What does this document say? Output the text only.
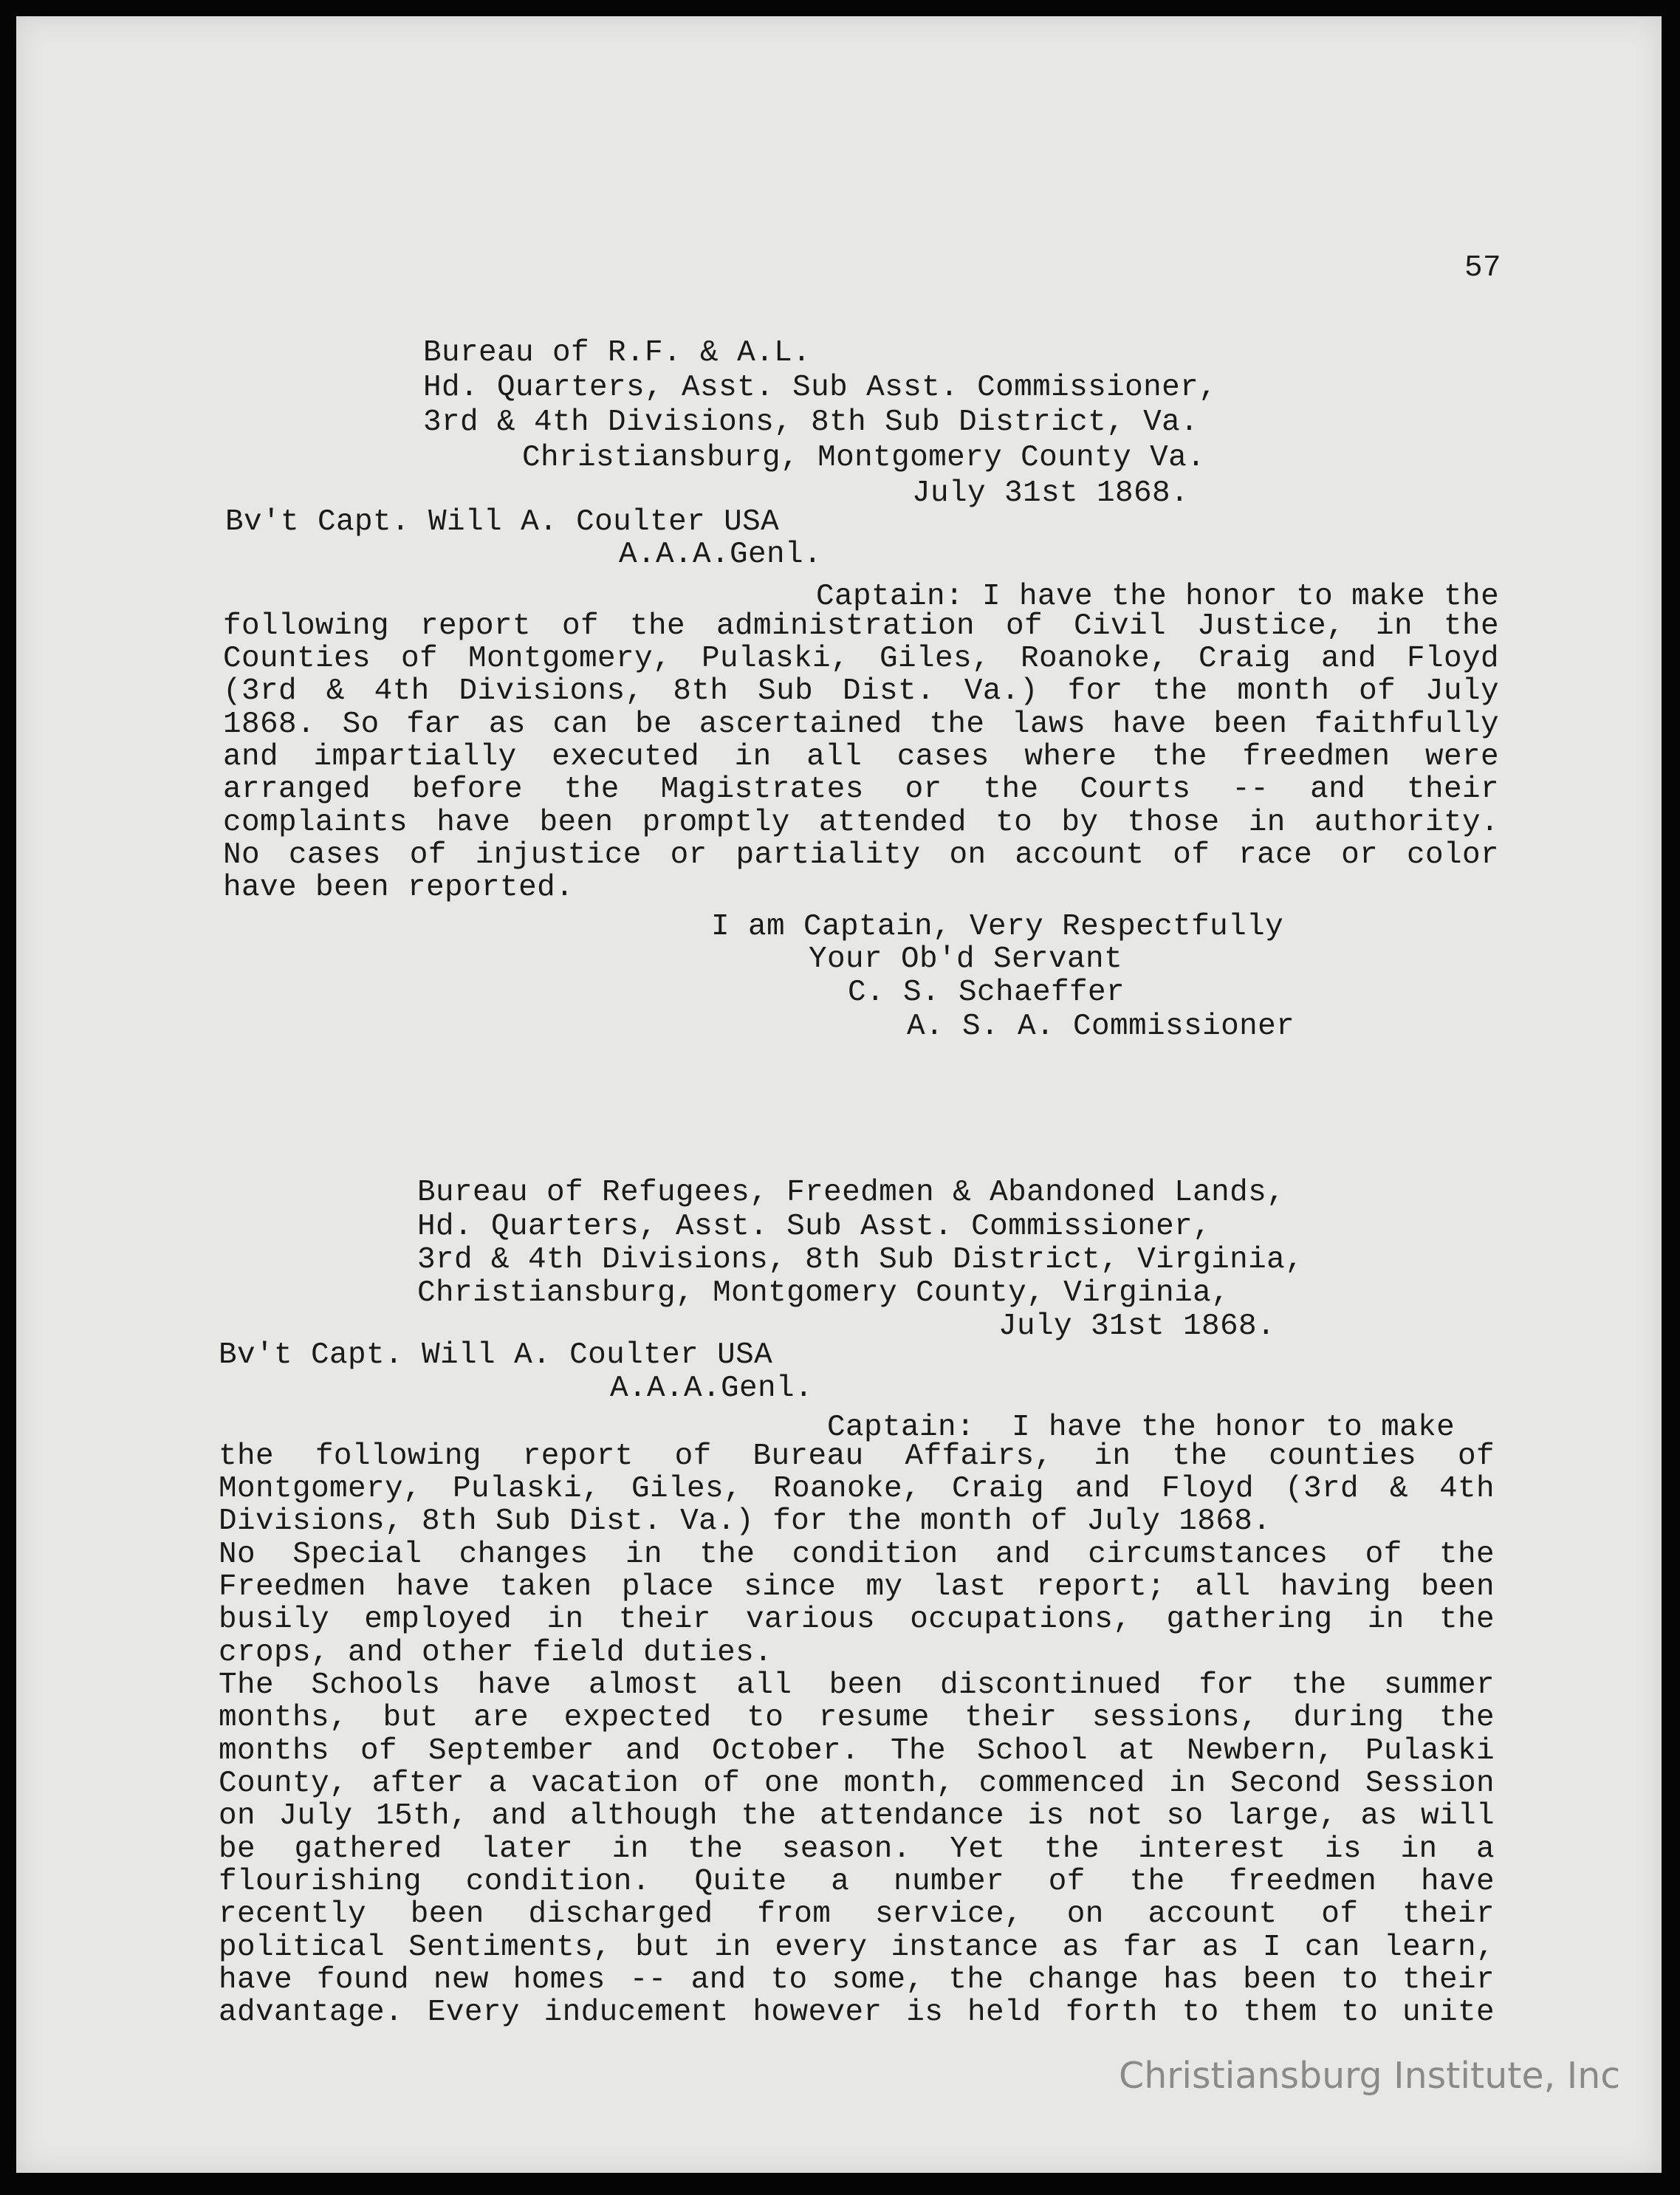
57

Bureau of R.F. & A.L.

Hd. Quarters, Asst. Sub Asst. Commissioner,

3rd & 4th Divisions, 8th Sub District, Va.

Christiansburg, Montgomery County Va.

July 31st 1868.

Bv't Capt. Will A. Coulter USA

A.A.A.Genl.

Captain: I have the honor to make the

following report of the administration of Civil Justice, in the

Counties of Montgomery, Pulaski, Giles, Roanoke, Craig and Floyd

(3rd & 4th Divisions, 8th Sub Dist. Va.) for the month of July

1868. So far as can be ascertained the laws have been faithfully

and impartially executed in all cases where the freedmen were

arranged before the Magistrates or the Courts -- and their

complaints have been promptly attended to by those in authority.

No cases of injustice or partiality on account of race or color

have been reported.

I am Captain, Very Respectfully

Your Ob'd Servant

C. S. Schaeffer

A. S. A. Commissioner

Bureau of Refugees, Freedmen & Abandoned Lands,

Hd. Quarters, Asst. Sub Asst. Commissioner,

3rd & 4th Divisions, 8th Sub District, Virginia,

Christiansburg, Montgomery County, Virginia,

July 31st 1868.

Bv't Capt. Will A. Coulter USA

A.A.A.Genl.

Captain:  I have the honor to make

the following report of Bureau Affairs, in the counties of

Montgomery, Pulaski, Giles, Roanoke, Craig and Floyd (3rd & 4th

Divisions, 8th Sub Dist. Va.) for the month of July 1868.

No Special changes in the condition and circumstances of the

Freedmen have taken place since my last report; all having been

busily employed in their various occupations, gathering in the

crops, and other field duties.

The Schools have almost all been discontinued for the summer

months, but are expected to resume their sessions, during the

months of September and October. The School at Newbern, Pulaski

County, after a vacation of one month, commenced in Second Session

on July 15th, and although the attendance is not so large, as will

be gathered later in the season. Yet the interest is in a

flourishing condition. Quite a number of the freedmen have

recently been discharged from service, on account of their

political Sentiments, but in every instance as far as I can learn,

have found new homes -- and to some, the change has been to their

advantage. Every inducement however is held forth to them to unite

Christiansburg Institute, Inc
